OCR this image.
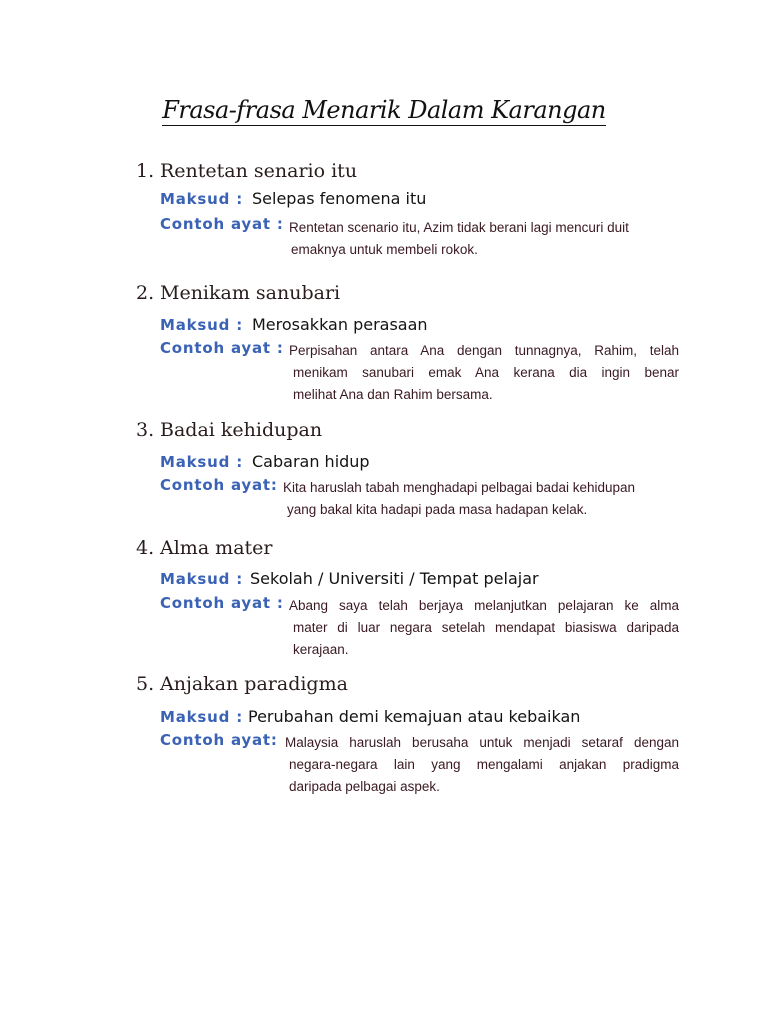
Frasa-frasa Menarik Dalam Karangan
1. Rentetan senario itu
Maksud : Selepas fenomena itu
Contoh ayat : Rentetan scenario itu, Azim tidak berani lagi mencuri duit
emaknya untuk membeli rokok.
2. Menikam sanubari
Maksud : Merosakkan perasaan
Contoh ayat : Perpisahan antara Ana dengan tunnagnya, Rahim, telah
menikam sanubari emak Ana kerana dia ingin benar
melihat Ana dan Rahim bersama.
3. Badai kehidupan
Maksud : Cabaran hidup
Contoh ayat: Kita haruslah tabah menghadapi pelbagai badai kehidupan
yang bakal kita hadapi pada masa hadapan kelak.
4. Alma mater
Maksud : Sekolah / Universiti / Tempat pelajar
Contoh ayat : Abang saya telah berjaya melanjutkan pelajaran ke alma
mater di luar negara setelah mendapat biasiswa daripada
kerajaan.
5. Anjakan paradigma
Maksud : Perubahan demi kemajuan atau kebaikan
Contoh ayat: Malaysia haruslah berusaha untuk menjadi setaraf dengan
negara-negara lain yang mengalami anjakan pradigma
daripada pelbagai aspek.
